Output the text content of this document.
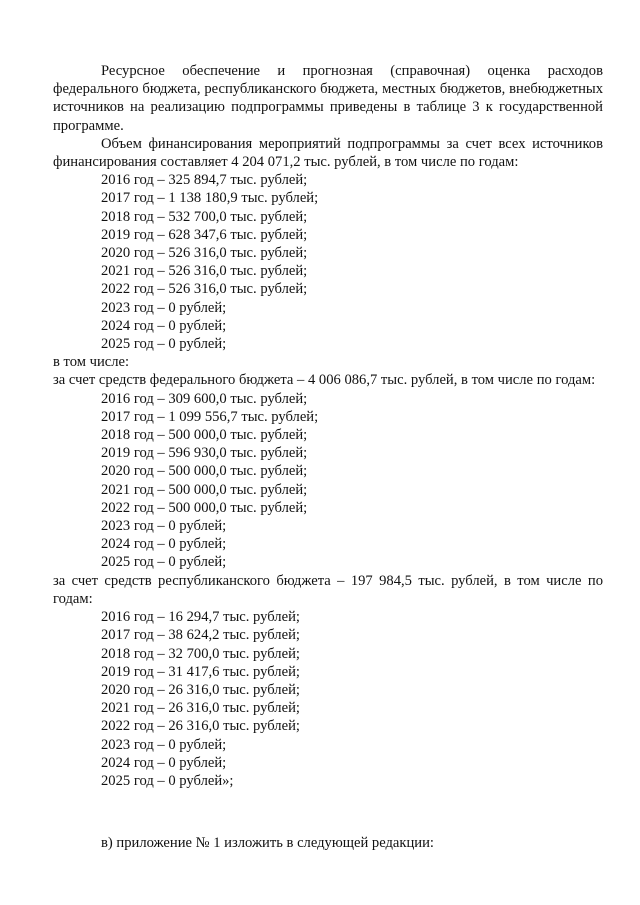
Ресурсное обеспечение и прогнозная (справочная) оценка расходов федерального бюджета, республиканского бюджета, местных бюджетов, внебюджетных источников на реализацию подпрограммы приведены в таблице 3 к государственной программе.

Объем финансирования мероприятий подпрограммы за счет всех источников финансирования составляет 4 204 071,2 тыс. рублей, в том числе по годам:

2016 год – 325 894,7 тыс. рублей;
2017 год – 1 138 180,9 тыс. рублей;
2018 год – 532 700,0 тыс. рублей;
2019 год – 628 347,6 тыс. рублей;
2020 год – 526 316,0 тыс. рублей;
2021 год – 526 316,0 тыс. рублей;
2022 год – 526 316,0 тыс. рублей;
2023 год – 0 рублей;
2024 год – 0 рублей;
2025 год – 0 рублей;

в том числе:

за счет средств федерального бюджета – 4 006 086,7 тыс. рублей, в том числе по годам:

2016 год – 309 600,0 тыс. рублей;
2017 год – 1 099 556,7 тыс. рублей;
2018 год – 500 000,0 тыс. рублей;
2019 год – 596 930,0 тыс. рублей;
2020 год – 500 000,0 тыс. рублей;
2021 год – 500 000,0 тыс. рублей;
2022 год – 500 000,0 тыс. рублей;
2023 год – 0 рублей;
2024 год – 0 рублей;
2025 год – 0 рублей;

за счет средств республиканского бюджета – 197 984,5 тыс. рублей, в том числе по годам:

2016 год – 16 294,7 тыс. рублей;
2017 год – 38 624,2 тыс. рублей;
2018 год – 32 700,0 тыс. рублей;
2019 год – 31 417,6 тыс. рублей;
2020 год – 26 316,0 тыс. рублей;
2021 год – 26 316,0 тыс. рублей;
2022 год – 26 316,0 тыс. рублей;
2023 год – 0 рублей;
2024 год – 0 рублей;
2025 год – 0 рублей»;

в) приложение № 1 изложить в следующей редакции:
